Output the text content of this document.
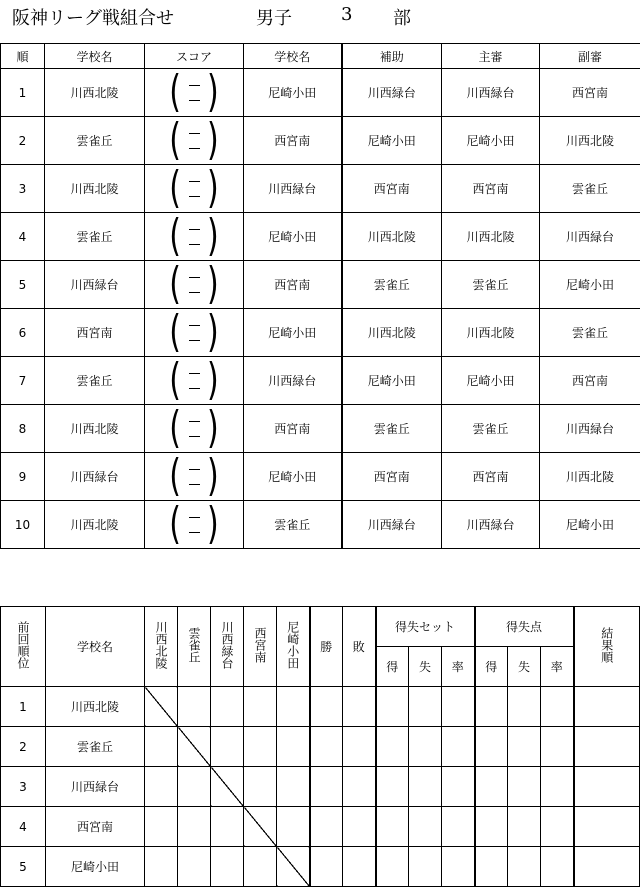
阪神リーグ戦組合せ	男子	3 部
順	学校名	スコア	学校名	補助	主審	副審
1	川西北陵	( )	尼崎小田	川西緑台	川西緑台	西宮南
2	雲雀丘	( )	西宮南	尼崎小田	尼崎小田	川西北陵
3	川西北陵	( )	川西緑台	西宮南	西宮南	雲雀丘
4	雲雀丘	( )	尼崎小田	川西北陵	川西北陵	川西緑台
5	川西緑台	( )	西宮南	雲雀丘	雲雀丘	尼崎小田
6	西宮南	( )	尼崎小田	川西北陵	川西北陵	雲雀丘
7	雲雀丘	( )	川西緑台	尼崎小田	尼崎小田	西宮南
8	川西北陵	( )	西宮南	雲雀丘	雲雀丘	川西緑台
9	川西緑台	( )	尼崎小田	西宮南	西宮南	川西北陵
10	川西北陵	( )	雲雀丘	川西緑台	川西緑台	尼崎小田
前回順位	学校名	川西北陵	雲雀丘	川西緑台	西宮南	尼崎小田	勝	敗	得失セット			得失点			結果順
									得	失	率	得	失	率	
1	川西北陵														
2	雲雀丘														
3	川西緑台														
4	西宮南														
5	尼崎小田														
